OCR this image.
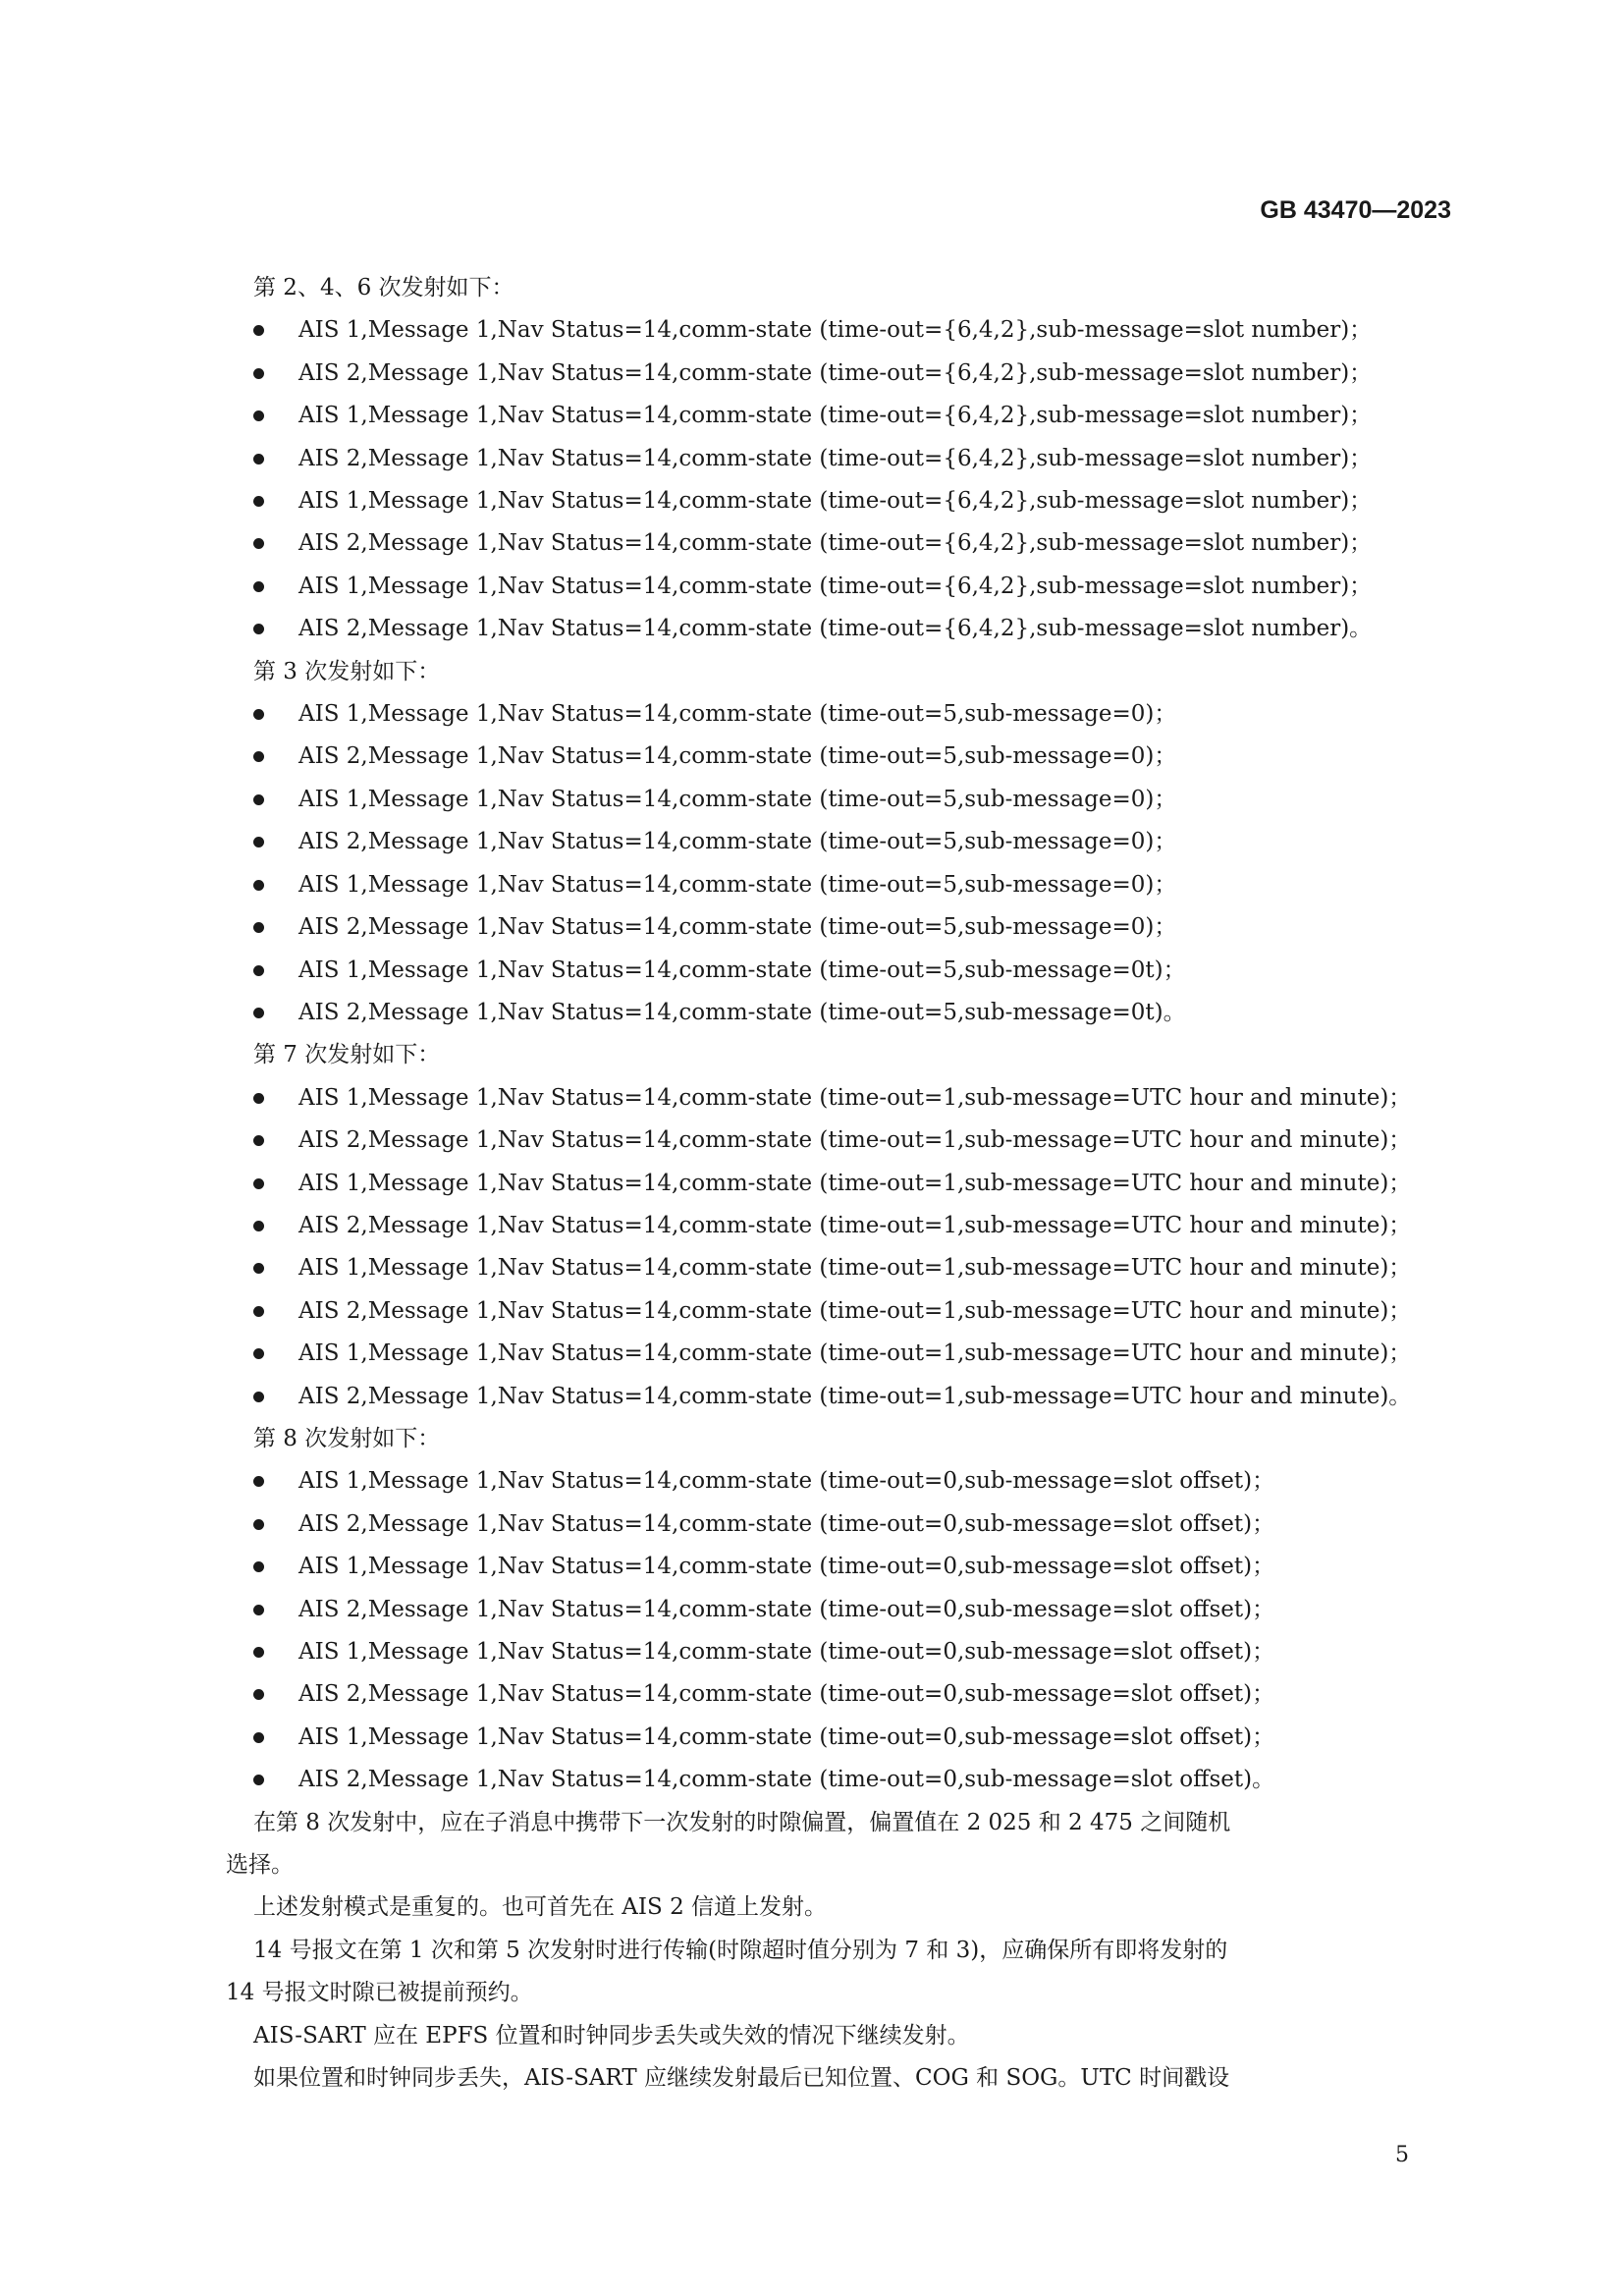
GB 43470—2023
第 2、4、6 次发射如下：
AIS 1,Message 1,Nav Status=14,comm-state (time-out={6,4,2},sub-message=slot number)；
AIS 2,Message 1,Nav Status=14,comm-state (time-out={6,4,2},sub-message=slot number)；
AIS 1,Message 1,Nav Status=14,comm-state (time-out={6,4,2},sub-message=slot number)；
AIS 2,Message 1,Nav Status=14,comm-state (time-out={6,4,2},sub-message=slot number)；
AIS 1,Message 1,Nav Status=14,comm-state (time-out={6,4,2},sub-message=slot number)；
AIS 2,Message 1,Nav Status=14,comm-state (time-out={6,4,2},sub-message=slot number)；
AIS 1,Message 1,Nav Status=14,comm-state (time-out={6,4,2},sub-message=slot number)；
AIS 2,Message 1,Nav Status=14,comm-state (time-out={6,4,2},sub-message=slot number)。
第 3 次发射如下：
AIS 1,Message 1,Nav Status=14,comm-state (time-out=5,sub-message=0)；
AIS 2,Message 1,Nav Status=14,comm-state (time-out=5,sub-message=0)；
AIS 1,Message 1,Nav Status=14,comm-state (time-out=5,sub-message=0)；
AIS 2,Message 1,Nav Status=14,comm-state (time-out=5,sub-message=0)；
AIS 1,Message 1,Nav Status=14,comm-state (time-out=5,sub-message=0)；
AIS 2,Message 1,Nav Status=14,comm-state (time-out=5,sub-message=0)；
AIS 1,Message 1,Nav Status=14,comm-state (time-out=5,sub-message=0t)；
AIS 2,Message 1,Nav Status=14,comm-state (time-out=5,sub-message=0t)。
第 7 次发射如下：
AIS 1,Message 1,Nav Status=14,comm-state (time-out=1,sub-message=UTC hour and minute)；
AIS 2,Message 1,Nav Status=14,comm-state (time-out=1,sub-message=UTC hour and minute)；
AIS 1,Message 1,Nav Status=14,comm-state (time-out=1,sub-message=UTC hour and minute)；
AIS 2,Message 1,Nav Status=14,comm-state (time-out=1,sub-message=UTC hour and minute)；
AIS 1,Message 1,Nav Status=14,comm-state (time-out=1,sub-message=UTC hour and minute)；
AIS 2,Message 1,Nav Status=14,comm-state (time-out=1,sub-message=UTC hour and minute)；
AIS 1,Message 1,Nav Status=14,comm-state (time-out=1,sub-message=UTC hour and minute)；
AIS 2,Message 1,Nav Status=14,comm-state (time-out=1,sub-message=UTC hour and minute)。
第 8 次发射如下：
AIS 1,Message 1,Nav Status=14,comm-state (time-out=0,sub-message=slot offset)；
AIS 2,Message 1,Nav Status=14,comm-state (time-out=0,sub-message=slot offset)；
AIS 1,Message 1,Nav Status=14,comm-state (time-out=0,sub-message=slot offset)；
AIS 2,Message 1,Nav Status=14,comm-state (time-out=0,sub-message=slot offset)；
AIS 1,Message 1,Nav Status=14,comm-state (time-out=0,sub-message=slot offset)；
AIS 2,Message 1,Nav Status=14,comm-state (time-out=0,sub-message=slot offset)；
AIS 1,Message 1,Nav Status=14,comm-state (time-out=0,sub-message=slot offset)；
AIS 2,Message 1,Nav Status=14,comm-state (time-out=0,sub-message=slot offset)。
在第 8 次发射中，应在子消息中携带下一次发射的时隙偏置，偏置值在 2 025 和 2 475 之间随机
选择。
上述发射模式是重复的。也可首先在 AIS 2 信道上发射。
14 号报文在第 1 次和第 5 次发射时进行传输(时隙超时值分别为 7 和 3)，应确保所有即将发射的
14 号报文时隙已被提前预约。
AIS-SART 应在 EPFS 位置和时钟同步丢失或失效的情况下继续发射。
如果位置和时钟同步丢失，AIS-SART 应继续发射最后已知位置、COG 和 SOG。UTC 时间戳设
5
